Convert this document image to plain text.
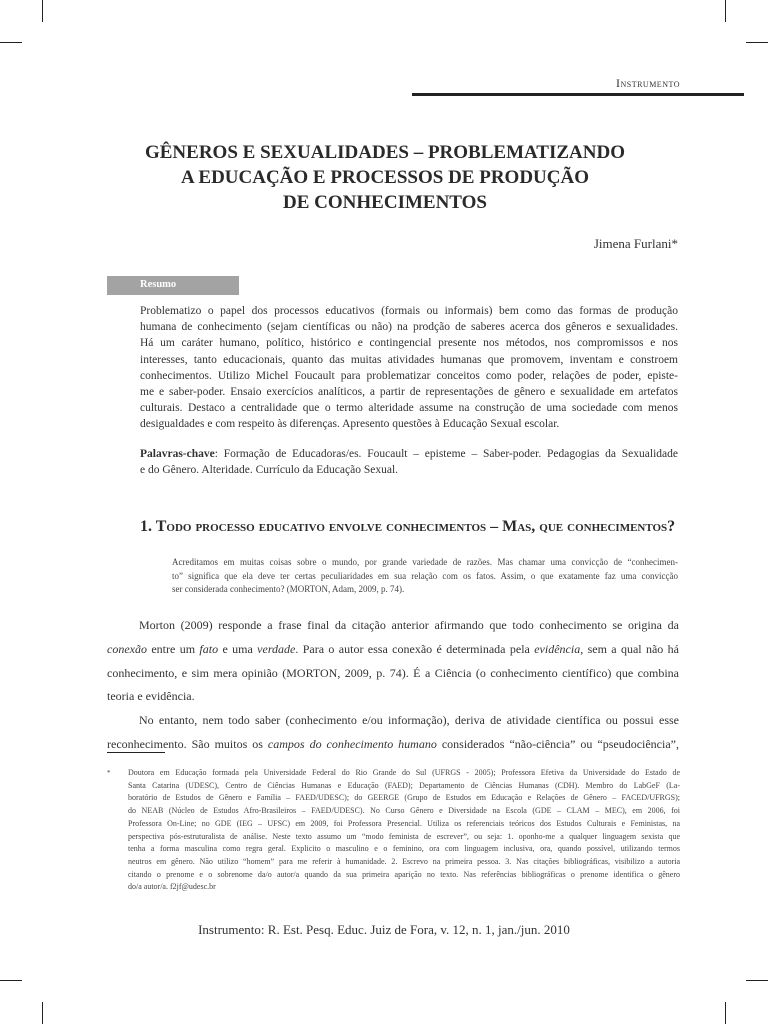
Instrumento
GÊNEROS E SEXUALIDADES – PROBLEMATIZANDO
A EDUCAÇÃO E PROCESSOS DE PRODUÇÃO
DE CONHECIMENTOS
Jimena Furlani*
Resumo
Problematizo o papel dos processos educativos (formais ou informais) bem como das formas de produção
humana de conhecimento (sejam científicas ou não) na prodção de saberes acerca dos gêneros e sexualidades.
Há um caráter humano, político, histórico e contingencial presente nos métodos, nos compromissos e nos
interesses, tanto educacionais, quanto das muitas atividades humanas que promovem, inventam e constroem
conhecimentos. Utilizo Michel Foucault para problematizar conceitos como poder, relações de poder, episte-
me e saber-poder. Ensaio exercícios analíticos, a partir de representações de gênero e sexualidade em artefatos
culturais. Destaco a centralidade que o termo alteridade assume na construção de uma sociedade com menos
desigualdades e com respeito às diferenças. Apresento questões à Educação Sexual escolar.
Palavras-chave: Formação de Educadoras/es. Foucault – episteme – Saber-poder. Pedagogias da Sexualidade
e do Gênero. Alteridade. Currículo da Educação Sexual.
1. Todo processo educativo envolve conhecimentos – Mas, que conhecimentos?
Acreditamos em muitas coisas sobre o mundo, por grande variedade de razões. Mas chamar uma convicção de “conhecimen-
to” significa que ela deve ter certas peculiaridades em sua relação com os fatos. Assim, o que exatamente faz uma convicção
ser considerada conhecimento? (MORTON, Adam, 2009, p. 74).
Morton (2009) responde a frase final da citação anterior afirmando que todo conhecimento se origina da
conexão entre um fato e uma verdade. Para o autor essa conexão é determinada pela evidência, sem a qual não há
conhecimento, e sim mera opinião (MORTON, 2009, p. 74). É a Ciência (o conhecimento científico) que combina
teoria e evidência.
No entanto, nem todo saber (conhecimento e/ou informação), deriva de atividade científica ou possui esse
reconhecimento. São muitos os campos do conhecimento humano considerados “não-ciência” ou “pseudociência”,
* Doutora em Educação formada pela Universidade Federal do Rio Grande do Sul (UFRGS - 2005); Professora Efetiva da Universidade do Estado de
Santa Catarina (UDESC), Centro de Ciências Humanas e Educação (FAED); Departamento de Ciências Humanas (CDH). Membro do LabGeF (La-
boratório de Estudos de Gênero e Família – FAED/UDESC); do GEERGE (Grupo de Estudos em Educação e Relações de Gênero – FACED/UFRGS);
do NEAB (Núcleo de Estudos Afro-Brasileiros – FAED/UDESC). No Curso Gênero e Diversidade na Escola (GDE – CLAM – MEC), em 2006, foi
Professora On-Line; no GDE (IEG – UFSC) em 2009, foi Professora Presencial. Utiliza os referenciais teóricos dos Estudos Culturais e Feministas, na
perspectiva pós-estruturalista de análise. Neste texto assumo um “modo feminista de escrever”, ou seja: 1. oponho-me a qualquer linguagem sexista que
tenha a forma masculina como regra geral. Explicito o masculino e o feminino, ora com linguagem inclusiva, ora, quando possível, utilizando termos
neutros em gênero. Não utilizo “homem” para me referir à humanidade. 2. Escrevo na primeira pessoa. 3. Nas citações bibliográficas, visibilizo a autoria
citando o prenome e o sobrenome da/o autor/a quando da sua primeira aparição no texto. Nas referências bibliográficas o prenome identifica o gênero
do/a autor/a. f2jf@udesc.br
Instrumento: R. Est. Pesq. Educ. Juiz de Fora, v. 12, n. 1, jan./jun. 2010
